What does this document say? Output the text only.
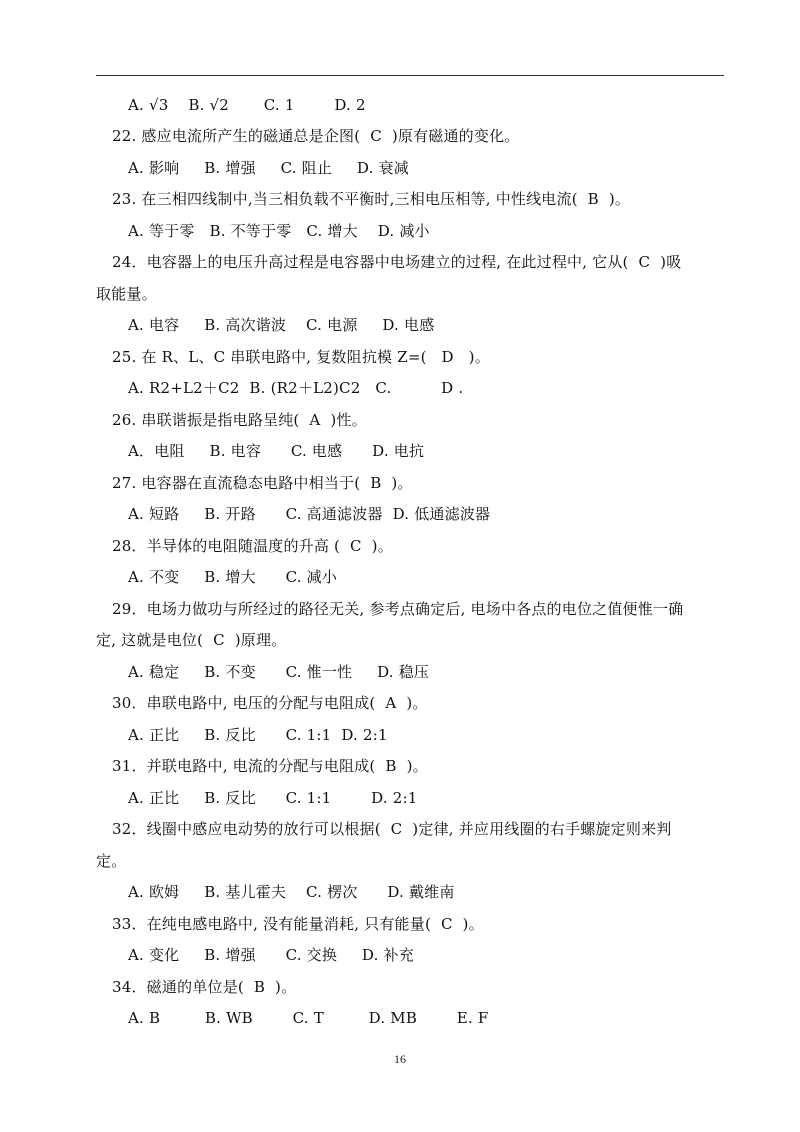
A. √3    B. √2       C. 1        D. 2
22. 感应电流所产生的磁通总是企图(  C  )原有磁通的变化。
A. 影响     B. 增强     C. 阻止     D. 衰减
23. 在三相四线制中,当三相负载不平衡时,三相电压相等, 中性线电流(  B  )。
A. 等于零   B. 不等于零   C. 增大    D. 减小
24．电容器上的电压升高过程是电容器中电场建立的过程, 在此过程中, 它从(  C  )吸
取能量。
A. 电容     B. 高次谐波    C. 电源     D. 电感
25. 在 R、L、C 串联电路中, 复数阻抗模 Z=(   D   )。
A. R2+L2＋C2  B. (R2＋L2)C2   C.          D .
26. 串联谐振是指电路呈纯(  A  )性。
A．电阻     B. 电容      C. 电感      D. 电抗
27. 电容器在直流稳态电路中相当于(  B  )。
A. 短路     B. 开路      C. 高通滤波器  D. 低通滤波器
28．半导体的电阻随温度的升高 (  C  )。
A. 不变     B. 增大      C. 减小
29．电场力做功与所经过的路径无关, 参考点确定后, 电场中各点的电位之值便惟一确
定, 这就是电位(  C  )原理。
A. 稳定     B. 不变      C. 惟一性     D. 稳压
30．串联电路中, 电压的分配与电阻成(  A  )。
A. 正比     B. 反比      C. 1:1  D. 2:1
31．并联电路中, 电流的分配与电阻成(  B  )。
A. 正比     B. 反比      C. 1:1        D. 2:1
32．线圈中感应电动势的放行可以根据(  C  )定律, 并应用线圈的右手螺旋定则来判
定。
A. 欧姆     B. 基儿霍夫    C. 楞次      D. 戴维南
33．在纯电感电路中, 没有能量消耗, 只有能量(  C  )。
A. 变化     B. 增强      C. 交换     D. 补充
34．磁通的单位是(  B  )。
A. B         B. WB        C. T         D. MB        E. F
16
